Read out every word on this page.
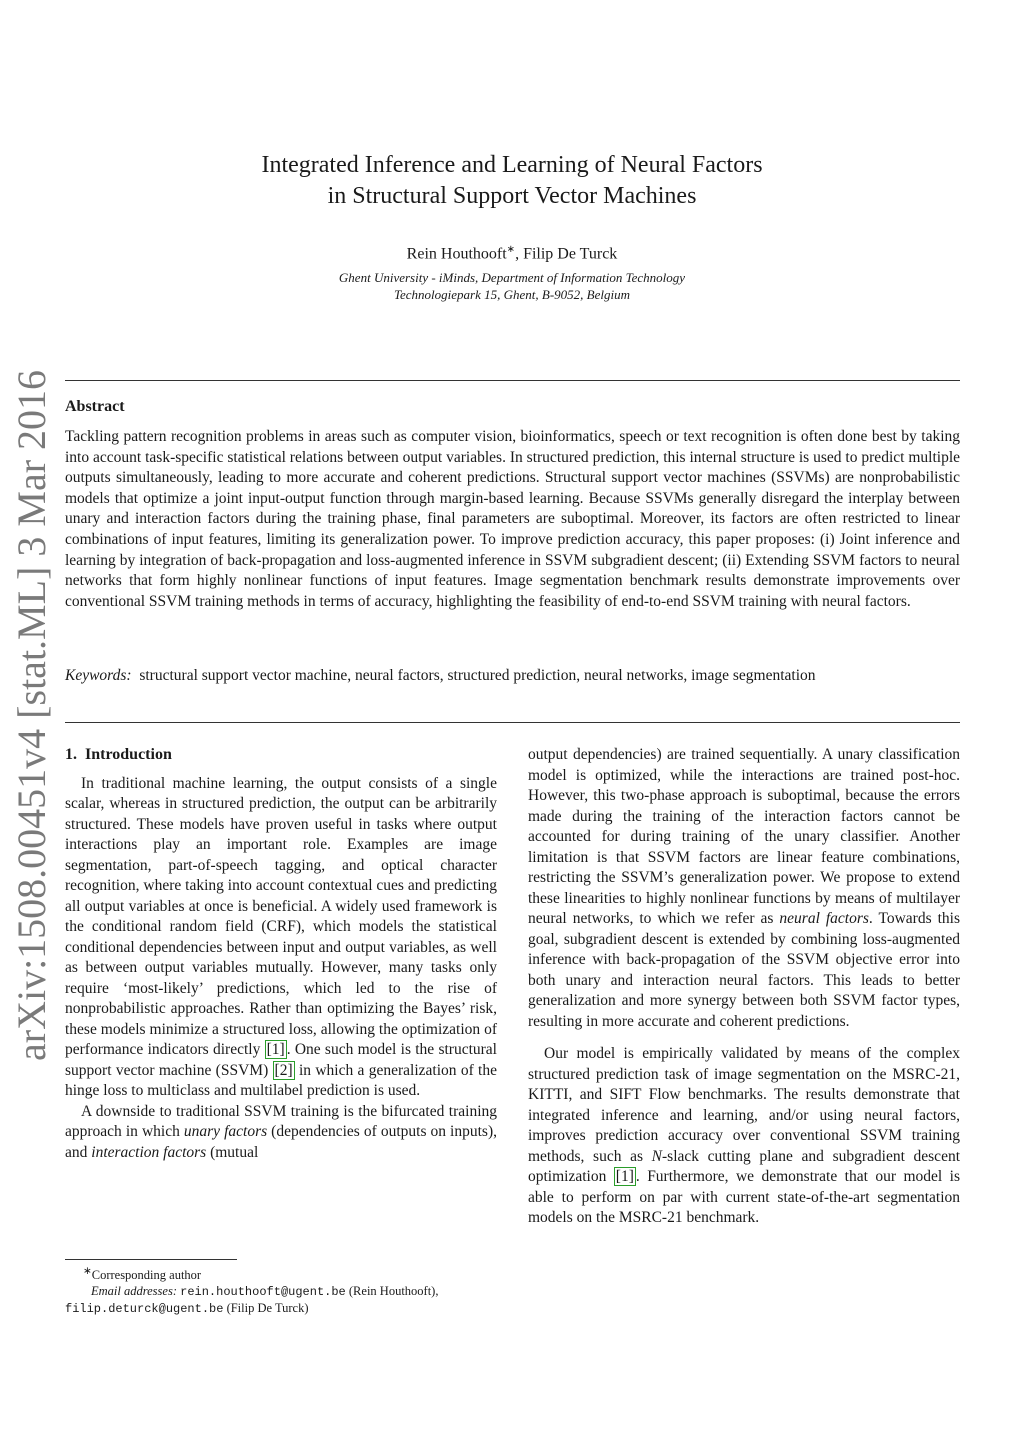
arXiv:1508.00451v4 [stat.ML] 3 Mar 2016
Integrated Inference and Learning of Neural Factors
in Structural Support Vector Machines
Rein Houthooft∗, Filip De Turck
Ghent University - iMinds, Department of Information Technology
Technologiepark 15, Ghent, B-9052, Belgium
Abstract

Tackling pattern recognition problems in areas such as computer vision, bioinformatics, speech or text recognition is often done best by taking into account task-specific statistical relations between output variables. In structured prediction, this internal structure is used to predict multiple outputs simultaneously, leading to more accurate and coherent predictions. Structural support vector machines (SSVMs) are nonprobabilistic models that optimize a joint input-output function through margin-based learning. Because SSVMs generally disregard the interplay between unary and interaction factors during the training phase, final parameters are suboptimal. Moreover, its factors are often restricted to linear combinations of input features, limiting its generalization power. To improve prediction accuracy, this paper proposes: (i) Joint inference and learning by integration of back-propagation and loss-augmented inference in SSVM subgradient descent; (ii) Extending SSVM factors to neural networks that form highly nonlinear functions of input features. Image segmentation benchmark results demonstrate improvements over conventional SSVM training methods in terms of accuracy, highlighting the feasibility of end-to-end SSVM training with neural factors.

Keywords: structural support vector machine, neural factors, structured prediction, neural networks, image segmentation

1. Introduction

In traditional machine learning, the output consists of a single scalar, whereas in structured prediction, the output can be arbitrarily structured. These models have proven useful in tasks where output interactions play an important role. Examples are image segmentation, part-of-speech tagging, and optical character recognition, where taking into account contextual cues and predicting all output variables at once is beneficial. A widely used framework is the conditional random field (CRF), which models the statistical conditional dependencies between input and output variables, as well as between output variables mutually. However, many tasks only require ‘most-likely’ predictions, which led to the rise of nonprobabilistic approaches. Rather than optimizing the Bayes’ risk, these models minimize a structured loss, allowing the optimization of performance indicators directly [1] . One such model is the structural support vector machine (SSVM) [2] in which a generalization of the hinge loss to multiclass and multilabel prediction is used.

A downside to traditional SSVM training is the bifurcated training approach in which unary factors (dependencies of outputs on inputs), and interaction factors (mutual

output dependencies) are trained sequentially. A unary classification model is optimized, while the interactions are trained post-hoc. However, this two-phase approach is suboptimal, because the errors made during the training of the interaction factors cannot be accounted for during training of the unary classifier. Another limitation is that SSVM factors are linear feature combinations, restricting the SSVM’s generalization power. We propose to extend these linearities to highly nonlinear functions by means of multilayer neural networks, to which we refer as neural factors. Towards this goal, subgradient descent is extended by combining loss-augmented inference with back-propagation of the SSVM objective error into both unary and interaction neural factors. This leads to better generalization and more synergy between both SSVM factor types, resulting in more accurate and coherent predictions.

Our model is empirically validated by means of the complex structured prediction task of image segmentation on the MSRC-21, KITTI, and SIFT Flow benchmarks. The results demonstrate that integrated inference and learning, and/or using neural factors, improves prediction accuracy over conventional SSVM training methods, such as N-slack cutting plane and subgradient descent optimization [1] . Furthermore, we demonstrate that our model is able to perform on par with current state-of-the-art segmentation models on the MSRC-21 benchmark.

∗Corresponding author
Email addresses: rein.houthooft@ugent.be (Rein Houthooft),
filip.deturck@ugent.be (Filip De Turck)
